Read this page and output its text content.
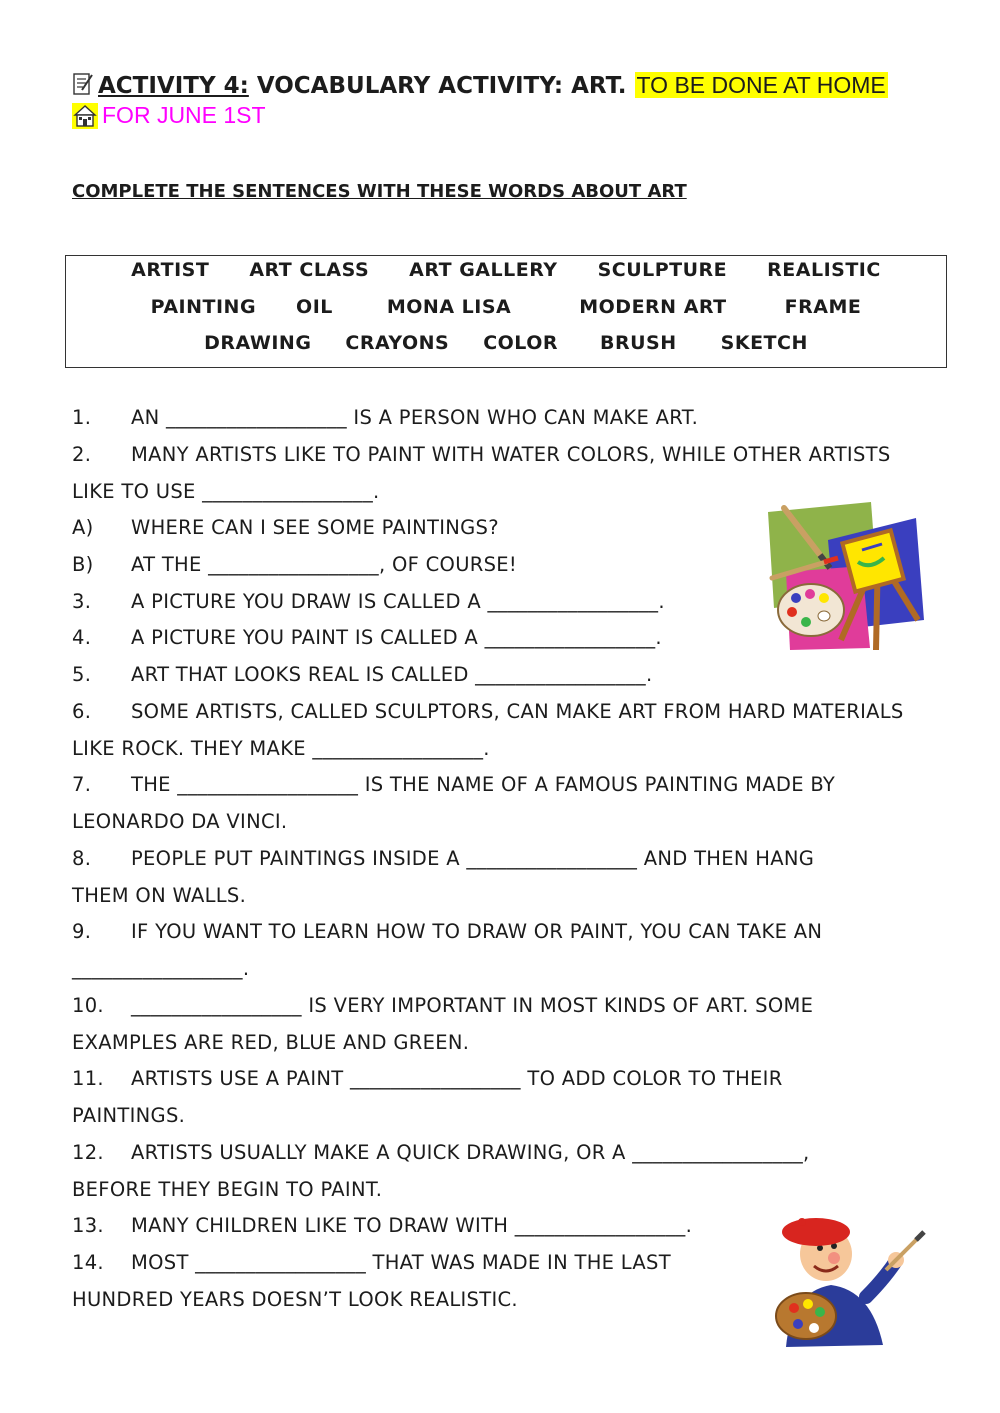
ACTIVITY 4: VOCABULARY ACTIVITY: ART. TO BE DONE AT HOME
FOR JUNE 1ST
COMPLETE THE SENTENCES WITH THESE WORDS ABOUT ART
ARTIST ART CLASS ART GALLERY SCULPTURE REALISTIC
PAINTING OIL	MONA LISA	MODERN ART	FRAME
DRAWING CRAYONS COLOR BRUSH SKETCH
1. AN __________________ IS A PERSON WHO CAN MAKE ART.
2. MANY ARTISTS LIKE TO PAINT WITH WATER COLORS, WHILE OTHER ARTISTS
LIKE TO USE _________________.
A) WHERE CAN I SEE SOME PAINTINGS?
B) AT THE _________________, OF COURSE!
3. A PICTURE YOU DRAW IS CALLED A _________________.
4. A PICTURE YOU PAINT IS CALLED A _________________.
5. ART THAT LOOKS REAL IS CALLED _________________.
6. SOME ARTISTS, CALLED SCULPTORS, CAN MAKE ART FROM HARD MATERIALS
LIKE ROCK. THEY MAKE _________________.
7. THE __________________ IS THE NAME OF A FAMOUS PAINTING MADE BY
LEONARDO DA VINCI.
8. PEOPLE PUT PAINTINGS INSIDE A _________________ AND THEN HANG
THEM ON WALLS.
9. IF YOU WANT TO LEARN HOW TO DRAW OR PAINT, YOU CAN TAKE AN
_________________.
10. _________________ IS VERY IMPORTANT IN MOST KINDS OF ART. SOME
EXAMPLES ARE RED, BLUE AND GREEN.
11. ARTISTS USE A PAINT _________________ TO ADD COLOR TO THEIR
PAINTINGS.
12. ARTISTS USUALLY MAKE A QUICK DRAWING, OR A _________________,
BEFORE THEY BEGIN TO PAINT.
13. MANY CHILDREN LIKE TO DRAW WITH _________________.
14. MOST _________________ THAT WAS MADE IN THE LAST
HUNDRED YEARS DOESN’T LOOK REALISTIC.
